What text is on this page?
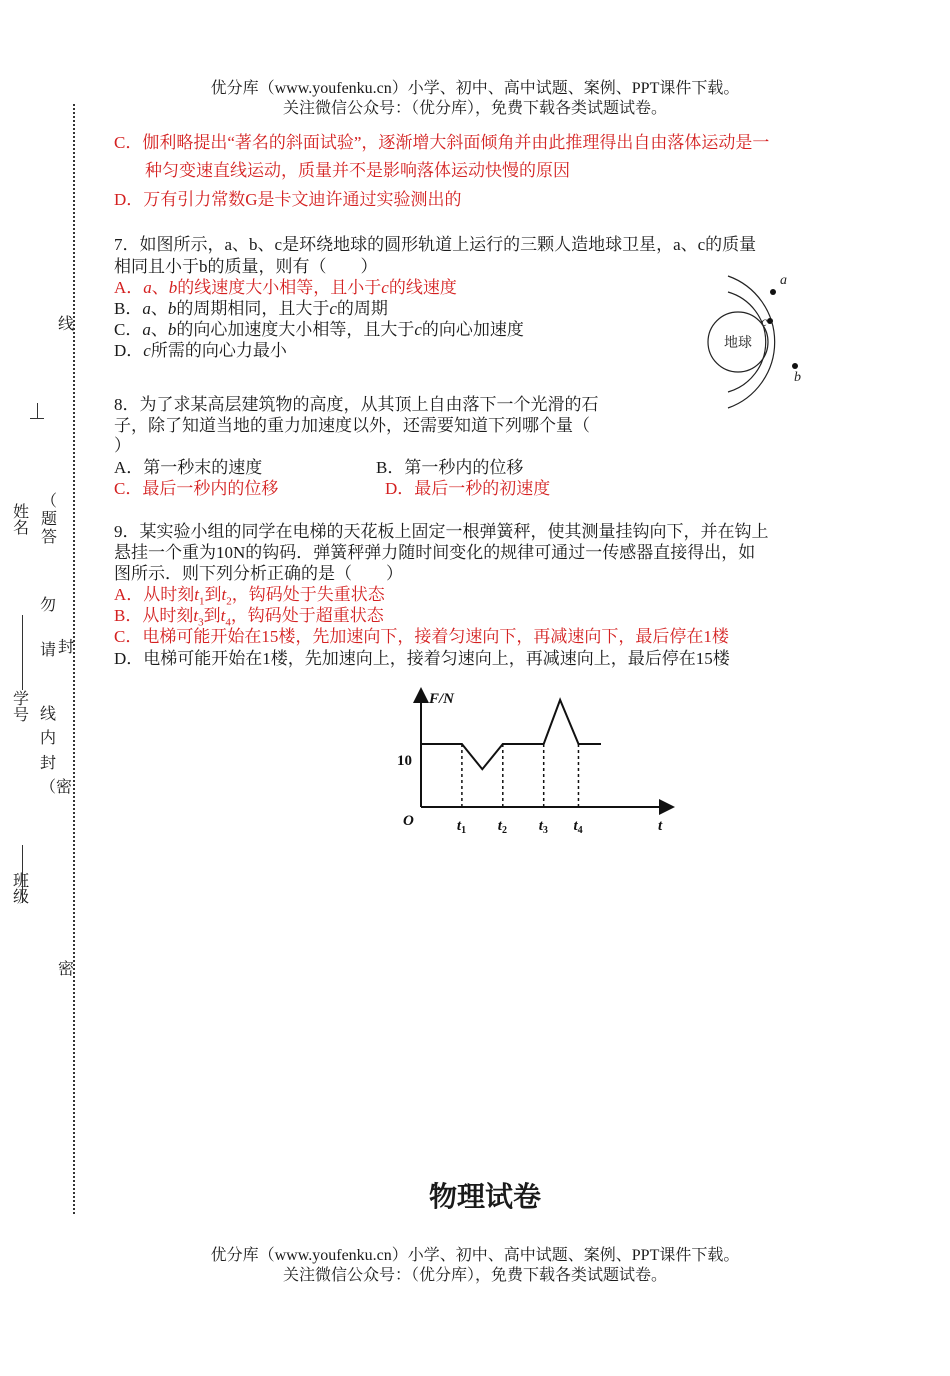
优分库（www.youfenku.cn）小学、初中、高中试题、案例、PPT课件下载。
关注微信公众号：（优分库），免费下载各类试题试卷。
线
姓名
（ 题 答
勿 请 封
学号 线 内
封 （密
班级
密
C．伽利略提出“著名的斜面试验”，逐渐增大斜面倾角并由此推理得出自由落体运动是一
种匀变速直线运动，质量并不是影响落体运动快慢的原因
D．万有引力常数G是卡文迪许通过实验测出的
7．如图所示，a、b、c是环绕地球的圆形轨道上运行的三颗人造地球卫星，a、c的质量
相同且小于b的质量，则有（　　）
A．a、b的线速度大小相等，且小于c的线速度
B．a、b的周期相同，且大于c的周期
C．a、b的向心加速度大小相等，且大于c的向心加速度
D．c所需的向心力最小	地球
a
c
b
8．为了求某高层建筑物的高度，从其顶上自由落下一个光滑的石
子，除了知道当地的重力加速度以外，还需要知道下列哪个量（
）
A．第一秒末的速度	B．第一秒内的位移
C．最后一秒内的位移	D．最后一秒的初速度
9．某实验小组的同学在电梯的天花板上固定一根弹簧秤，使其测量挂钩向下，并在钩上
悬挂一个重为10N的钩码．弹簧秤弹力随时间变化的规律可通过一传感器直接得出，如
图所示．则下列分析正确的是（　　）
A．从时刻$t_1$到$t_2$，钩码处于失重状态
B．从时刻$t_3$到$t_4$，钩码处于超重状态
C．电梯可能开始在15楼，先加速向下，接着匀速向下，再减速向下，最后停在1楼
D．电梯可能开始在1楼，先加速向上，接着匀速向上，再减速向上，最后停在15楼
F/N
10
O	t
$t_1$ $t_2$ $t_3$ $t_4$
物理试卷
优分库（www.youfenku.cn）小学、初中、高中试题、案例、PPT课件下载。
关注微信公众号：（优分库），免费下载各类试题试卷。
